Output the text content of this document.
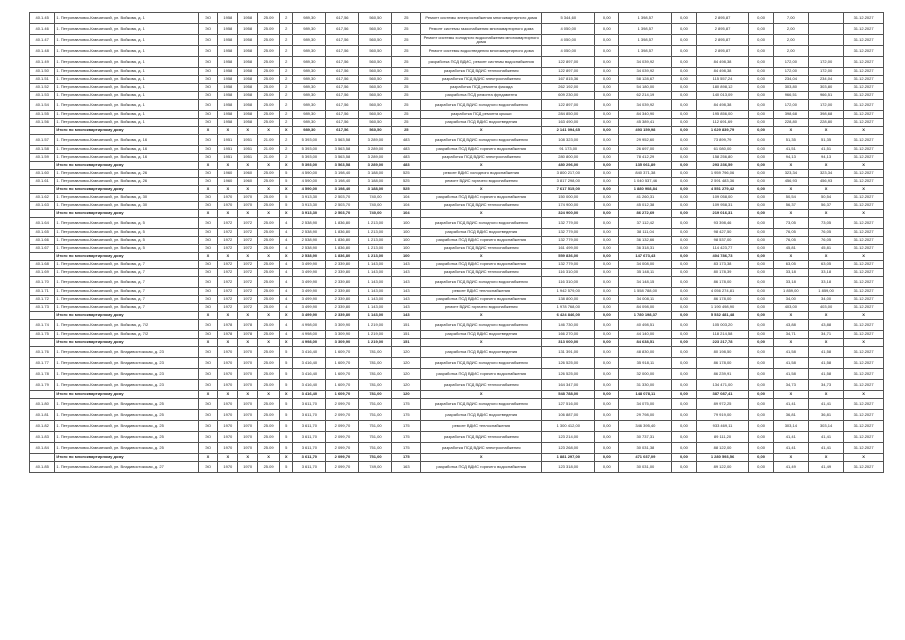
40.1.45	1. Петропавловск-Камчатский, ул. Войкова, д. 1	ЭО	1958	1958	25.09	2	989,30	617,56	560,50	25	Ремонт системы электроснабжения многоквартирного дома	5 344,60	0,00	1 398,57	0,00	2 895,87	0,00	7,00		31.12.2027
40.1.46	1. Петропавловск-Камчатский, ул. Войкова, д. 1	ЭО	1958	1958	25.09	2	989,30	617,56	560,50	25	Ремонт системы газоснабжения многоквартирного дома	4 050,00	0,00	1 398,57	0,00	2 895,87	0,00	2,00		31.12.2027
40.1.47	1. Петропавловск-Камчатский, ул. Войкова, д. 1	ЭО	1958	1958	25.09	2	989,30	617,56	560,50	25	Ремонт системы холодного водоснабжения многоквартирного дома	4 050,00	0,00	1 398,57	0,00	2 895,87	0,00	2,00		31.12.2027
40.1.48	1. Петропавловск-Камчатский, ул. Войкова, д. 1	ЭО	1958	1958	25.09	2	989,30	617,56	560,50	25	Ремонт системы водоотведения многоквартирного дома	4 050,00	0,00	1 398,57	0,00	2 895,87	0,00	2,00		31.12.2027
40.1.49	1. Петропавловск-Камчатский, ул. Войкова, д. 1	ЭО	1958	1958	25.09	2	989,30	617,56	560,50	25	разработка ПСД ВДИС, ремонт системы водоснабжения	122 897,00	0,00	34 039,92	0,00	84 498,38	0,00	172,00	172,00	31.12.2027
40.1.50	1. Петропавловск-Камчатский, ул. Войкова, д. 1	ЭО	1958	1958	25.09	2	989,30	617,56	560,50	25	разработка ПСД ВДИС теплоснабжения	122 897,00	0,00	34 039,92	0,00	84 498,38	0,00	172,00	172,00	31.12.2027
40.1.51	1. Петропавловск-Камчатский, ул. Войкова, д. 1	ЭО	1958	1958	25.09	2	989,30	617,56	560,50	25	разработка ПСД ВДИС электроснабжения	167 815,36	0,00	58 128,67	0,00	115 557,24	0,00	234,04	234,04	31.12.2027
40.1.52	1. Петропавловск-Камчатский, ул. Войкова, д. 1	ЭО	1958	1958	25.09	2	989,30	617,56	560,50	25	разработка ПСД ремонта фасада	262 192,00	0,00	54 180,00	0,00	180 898,12	0,00	303,80	303,80	31.12.2027
40.1.53	1. Петропавловск-Камчатский, ул. Войкова, д. 1	ЭО	1958	1958	25.09	2	989,30	617,56	560,50	25	разработка ПСД ремонта фундамента	609 230,00	0,00	62 214,19	0,00	140 013,09	0,00	966,51	966,51	31.12.2027
40.1.54	1. Петропавловск-Камчатский, ул. Войкова, д. 1	ЭО	1958	1958	25.09	2	989,30	617,56	560,50	25	разработка ПСД ВДИС холодного водоснабжения	122 897,00	0,00	34 039,92	0,00	84 498,38	0,00	172,00	172,00	31.12.2027
40.1.55	1. Петропавловск-Камчатский, ул. Войкова, д. 1	ЭО	1958	1958	25.09	2	989,30	617,56	560,50	25	разработка ПСД ремонта крыши	284 850,00	0,00	84 340,90	0,00	195 856,00	0,00	398,68	398,68	31.12.2027
40.1.56	1. Петропавловск-Камчатский, ул. Войкова, д. 1	ЭО	1958	1958	25.09	2	989,30	617,56	560,50	25	разработка ПСД ВДИС водоотведения	163 490,00	0,00	45 389,41	0,00	112 691,69	0,00	228,80	228,80	31.12.2027
	Итого по многоквартирному дому	X	X	X	X	X	989,30	617,56	560,50	25	X	2 141 094,65	0,00	493 159,98	0,00	1 629 839,79	0,00	X	X	X
40.1.57	1. Петропавловск-Камчатский, ул. Войкова, д. 16	ЭО	1951	1951	21.09	2	5 393,00	3 563,58	3 289,00	483	разработка ПСД ВДИС холодного водоснабжения	108 323,00	0,00	29 952,60	0,00	73 899,79	0,00	51,35	51,35	31.12.2027
40.1.58	1. Петропавловск-Камчатский, ул. Войкова, д. 16	ЭО	1951	1951	21.09	2	5 393,00	3 563,58	3 289,00	483	разработка ПСД ВДИС горячего водоснабжения	91 173,00	0,00	26 697,00	0,00	61 080,00	0,00	41,51	41,51	31.12.2027
40.1.59	1. Петропавловск-Камчатский, ул. Войкова, д. 16	ЭО	1951	1951	21.09	2	5 393,00	3 563,58	3 289,00	483	разработка ПСД ВДИС электроснабжения	280 800,00	0,00	78 412,29	0,00	158 256,80	0,00	94,13	94,13	31.12.2027
	Итого по многоквартирному дому	X	X	X	X	X	5 393,00	3 563,58	3 289,00	483	X	480 296,00	0,00	135 061,89	0,00	293 236,59	0,00	X	X	X
40.1.60	1. Петропавловск-Камчатский, ул. Войкова, д. 26	ЭО	1960	1960	25.09	5	4 590,00	3 198,40	3 188,00	525	ремонт ВДИС холодного водоснабжения	3 800 217,00	0,00	840 371,38	0,00	1 959 796,06	0,00	323,34	323,34	31.12.2027
40.1.61	1. Петропавловск-Камчатский, ул. Войкова, д. 26	ЭО	1960	1960	25.09	5	4 590,00	3 198,40	3 188,00	525	ремонт ВДИС горячего водоснабжения	3 817 298,00	0,00	1 040 537,46	0,00	2 591 483,36	0,00	456,93	456,93	31.12.2027
	Итого по многоквартирному дому	X	X	X	X	X	4 590,00	3 198,40	3 188,00	525	X	7 617 515,00	0,00	1 880 908,84	0,00	4 551 279,42	0,00	X	X	X
40.1.62	1. Петропавловск-Камчатский, ул. Войкова, д. 30	ЭО	1970	1970	25.09	5	3 913,30	2 503,70	740,00	104	разработка ПСД ВДИС горячего водоснабжения	150 000,00	0,00	41 260,31	0,00	109 058,00	0,00	50,54	50,54	31.12.2027
40.1.63	1. Петропавловск-Камчатский, ул. Войкова, д. 30	ЭО	1970	1970	25.09	5	3 913,30	2 503,70	740,00	104	разработка ПСД ВДИС теплоснабжения	174 900,00	0,00	45 012,38	0,00	109 958,31	0,00	56,37	56,37	31.12.2027
	Итого по многоквартирному дому	X	X	X	X	X	3 913,30	2 503,70	740,00	104	X	324 900,00	0,00	86 272,69	0,00	219 016,31	0,00	X	X	X
40.1.64	1. Петропавловск-Камчатский, ул. Войкова, д. 5	ЭО	1972	1972	25.09	4	2 538,90	1 836,80	1 213,00	100	разработка ПСД ВДИС холодного водоснабжения	132 779,00	0,00	37 112,42	0,00	93 398,46	0,00	73,05	73,05	31.12.2027
40.1.65	1. Петропавловск-Камчатский, ул. Войкова, д. 5	ЭО	1972	1972	25.09	4	2 538,90	1 836,80	1 213,00	100	разработка ПСД ВДИС водоотведения	132 779,00	0,00	38 111,04	0,00	98 427,50	0,00	76,05	76,05	31.12.2027
40.1.66	1. Петропавловск-Камчатский, ул. Войкова, д. 5	ЭО	1972	1972	25.09	4	2 538,90	1 836,80	1 213,00	100	разработка ПСД ВДИС горячего водоснабжения	132 779,00	0,00	36 132,66	0,00	98 537,00	0,00	76,05	76,05	31.12.2027
40.1.67	1. Петропавловск-Камчатский, ул. Войкова, д. 5	ЭО	1972	1972	25.09	4	2 538,90	1 836,80	1 213,00	100	разработка ПСД ВДИС теплоснабжения	161 499,00	0,00	36 318,31	0,00	114 423,77	0,00	45,81	45,81	31.12.2027
	Итого по многоквартирному дому	X	X	X	X	X	2 538,90	1 836,80	1 213,00	100	X	559 836,00	0,00	147 673,43	0,00	404 786,73	0,00	X	X	X
40.1.68	1. Петропавловск-Камчатский, ул. Войкова, д. 7	ЭО	1972	1972	25.09	4	3 499,90	2 339,80	1 143,00	143	разработка ПСД ВДИС горячего водоснабжения	132 779,00	0,00	34 008,00	0,00	83 173,38	0,00	63,05	63,05	31.12.2027
40.1.69	1. Петропавловск-Камчатский, ул. Войкова, д. 7	ЭО	1972	1972	25.09	4	3 499,90	2 339,80	1 143,00	143	разработка ПСД ВДИС теплоснабжения	116 310,00	0,00	35 148,11	0,00	80 178,39	0,00	33,18	33,18	31.12.2027
40.1.70	1. Петропавловск-Камчатский, ул. Войкова, д. 7	ЭО	1972	1972	25.09	4	3 499,90	2 339,80	1 143,00	143	разработка ПСД ВДИС холодного водоснабжения	116 310,00	0,00	34 148,15	0,00	86 178,00	0,00	33,18	33,18	31.12.2027
40.1.71	1. Петропавловск-Камчатский, ул. Войкова, д. 7	ЭО	1972	1972	25.09	4	3 499,90	2 339,80	1 143,00	143	ремонт ВДИС теплоснабжения	1 942 579,00	0,00	1 558 788,00	0,00	4 056 274,81	0,00	1 859,00	1 859,00	31.12.2027
40.1.72	1. Петропавловск-Камчатский, ул. Войкова, д. 7	ЭО	1972	1972	25.09	4	3 499,90	2 339,80	1 143,00	143	разработка ПСД ВДИС горячего водоснабжения	138 800,00	0,00	34 008,11	0,00	86 178,00	0,00	34,00	34,00	31.12.2027
40.1.73	1. Петропавловск-Камчатский, ул. Войкова, д. 7	ЭО	1972	1972	25.09	4	3 499,90	2 339,80	1 143,00	143	ремонт ВДИС горячего водоснабжения	1 978 768,00	0,00	84 098,00	0,00	1 190 498,90	0,00	403,00	403,00	31.12.2027
	Итого по многоквартирному дому	X	X	X	X	X	3 499,90	2 339,80	1 143,00	143	X	6 424 846,00	0,00	1 780 198,37	0,00	5 532 481,48	0,00	X	X	X
40.1.74	1. Петропавловск-Камчатский, ул. Войкова, д. 7/2	ЭО	1978	1978	25.09	4	4 998,00	3 309,90	1 219,00	151	разработка ПСД ВДИС холодного водоснабжения	146 730,00	0,00	40 498,51	0,00	105 003,20	0,00	43,88	43,88	31.12.2027
40.1.75	1. Петропавловск-Камчатский, ул. Войкова, д. 7/2	ЭО	1978	1978	25.09	4	4 998,00	3 309,90	1 219,00	151	разработка ПСД ВДИС водоотведения	166 270,00	0,00	44 140,00	0,00	118 214,58	0,00	34,71	34,71	31.12.2027
	Итого по многоквартирному дому	X	X	X	X	X	4 998,00	3 309,90	1 219,00	151	X	313 000,00	0,00	84 638,51	0,00	223 217,78	0,00	X	X	X
40.1.76	1. Петропавловск-Камчатский, ул. Владивостокская, д. 23	ЭО	1970	1970	25.09	5	3 416,40	1 609,70	781,00	120	разработка ПСД ВДИС водоотведения	131 391,00	0,00	48 830,00	0,00	80 198,50	0,00	41,58	41,58	31.12.2027
40.1.77	1. Петропавловск-Камчатский, ул. Владивостокская, д. 23	ЭО	1970	1970	25.09	5	3 416,40	1 609,70	781,00	120	разработка ПСД ВДИС холодного водоснабжения	126 525,00	0,00	35 918,11	0,00	86 178,00	0,00	41,58	41,58	31.12.2027
40.1.78	1. Петропавловск-Камчатский, ул. Владивостокская, д. 23	ЭО	1970	1970	25.09	5	3 416,40	1 609,70	781,00	120	разработка ПСД ВДИС горячего водоснабжения	126 525,00	0,00	32 000,00	0,00	86 239,91	0,00	41,58	41,58	31.12.2027
40.1.79	1. Петропавловск-Камчатский, ул. Владивостокская, д. 23	ЭО	1970	1970	25.09	5	3 416,40	1 609,70	781,00	120	разработка ПСД ВДИС теплоснабжения	164 347,00	0,00	31 330,00	0,00	134 471,00	0,00	34,73	34,73	31.12.2027
	Итого по многоквартирному дому	X	X	X	X	X	3 416,40	1 609,70	781,00	120	X	548 788,00	0,00	148 078,11	0,00	387 087,41	0,00	X	X	X
40.1.80	1. Петропавловск-Камчатский, ул. Владивостокская, д. 25	ЭО	1970	1970	25.09	5	3 611,70	2 099,70	751,00	175	разработка ПСД ВДИС холодного водоснабжения	127 516,00	0,00	34 075,00	0,00	89 972,25	0,00	41,41	41,41	31.12.2027
40.1.81	1. Петропавловск-Камчатский, ул. Владивостокская, д. 25	ЭО	1970	1970	25.09	5	3 611,70	2 099,70	751,00	175	разработка ПСД ВДИС водоотведения	106 887,00	0,00	29 798,00	0,00	79 919,00	0,00	36,81	36,81	31.12.2027
40.1.82	1. Петропавловск-Камчатский, ул. Владивостокская, д. 25	ЭО	1970	1970	25.09	5	3 611,70	2 099,70	751,00	175	ремонт ВДИС теплоснабжения	1 300 412,00	0,00	346 395,40	0,00	933 469,11	0,00	303,14	303,14	31.12.2027
40.1.83	1. Петропавловск-Камчатский, ул. Владивостокская, д. 25	ЭО	1970	1970	25.09	5	3 611,70	2 099,70	751,00	175	разработка ПСД ВДИС теплоснабжения	123 214,00	0,00	30 737,31	0,00	89 111,20	0,00	41,41	41,41	31.12.2027
40.1.84	1. Петропавловск-Камчатский, ул. Владивостокская, д. 25	ЭО	1970	1970	25.09	5	3 611,70	2 099,70	751,00	175	разработка ПСД ВДИС электроснабжения	123 268,00	0,00	30 031,38	0,00	88 122,00	0,00	41,41	41,41	31.12.2027
	Итого по многоквартирному дому	X	X	X	X	X	3 611,70	2 099,70	751,00	175	X	1 881 297,00	0,00	471 037,09	0,00	1 280 593,56	0,00	X	X	X
40.1.85	1. Петропавловск-Камчатский, ул. Владивостокская, д. 27	ЭО	1970	1970	25.09	5	3 611,70	2 099,70	749,00	163	разработка ПСД ВДИС горячего водоснабжения	123 318,00	0,00	30 031,00	0,00	89 122,00	0,00	41,49	41,49	31.12.2027
